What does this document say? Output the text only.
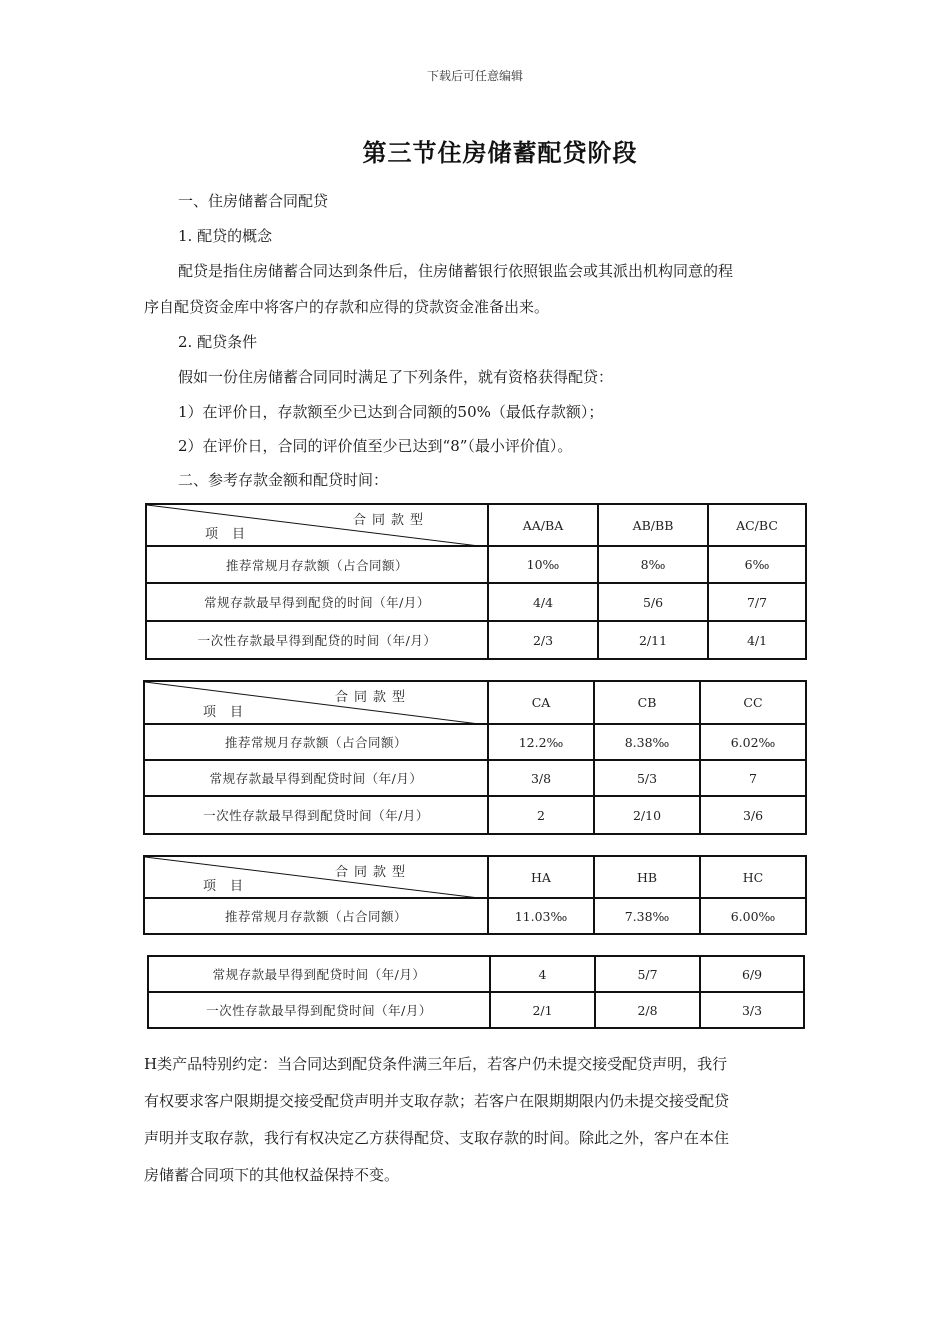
下载后可任意编辑
第三节住房储蓄配贷阶段
一、住房储蓄合同配贷
1. 配贷的概念
配贷是指住房储蓄合同达到条件后，住房储蓄银行依照银监会或其派出机构同意的程
序自配贷资金库中将客户的存款和应得的贷款资金准备出来。
2. 配贷条件
假如一份住房储蓄合同同时满足了下列条件，就有资格获得配贷：
1）在评价日，存款额至少已达到合同额的50%（最低存款额）；
2）在评价日，合同的评价值至少已达到“8”（最小评价值）。
二、参考存款金额和配贷时间：
合同款型
项目	AA/BA	AB/BB	AC/BC
推荐常规月存款额（占合同额）	10‰	8‰	6‰
常规存款最早得到配贷的时间（年/月）	4/4	5/6	7/7
一次性存款最早得到配贷的时间（年/月）	2/3	2/11	4/1
合同款型
项目	CA	CB	CC
推荐常规月存款额（占合同额）	12.2‰	8.38‰	6.02‰
常规存款最早得到配贷时间（年/月）	3/8	5/3	7
一次性存款最早得到配贷时间（年/月）	2	2/10	3/6
合同款型
项目	HA	HB	HC
推荐常规月存款额（占合同额）	11.03‰	7.38‰	6.00‰
常规存款最早得到配贷时间（年/月）	4	5/7	6/9
一次性存款最早得到配贷时间（年/月）	2/1	2/8	3/3
H类产品特别约定：当合同达到配贷条件满三年后，若客户仍未提交接受配贷声明，我行
有权要求客户限期提交接受配贷声明并支取存款；若客户在限期期限内仍未提交接受配贷
声明并支取存款，我行有权决定乙方获得配贷、支取存款的时间。除此之外，客户在本住
房储蓄合同项下的其他权益保持不变。
